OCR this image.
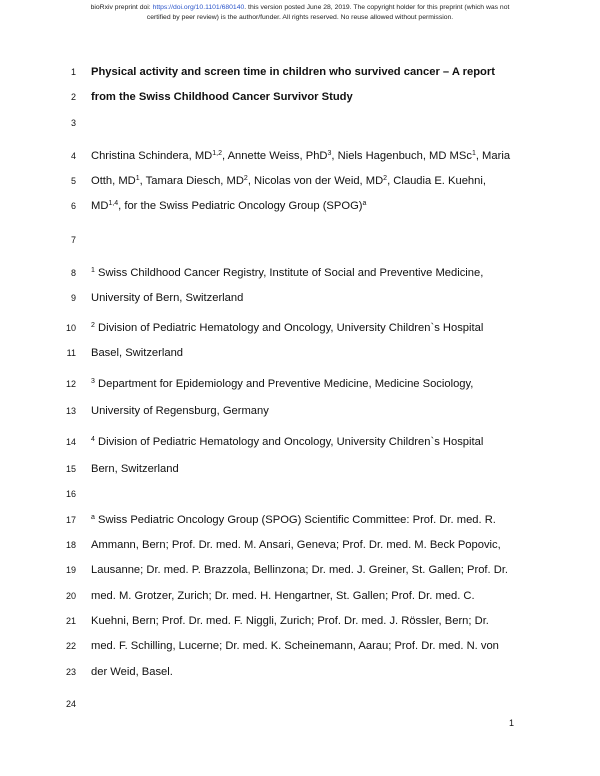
bioRxiv preprint doi: https://doi.org/10.1101/680140. this version posted June 28, 2019. The copyright holder for this preprint (which was not
certified by peer review) is the author/funder. All rights reserved. No reuse allowed without permission.
1 Physical activity and screen time in children who survived cancer – A report
2 from the Swiss Childhood Cancer Survivor Study
3
4 Christina Schindera, MD$^{1,2}$, Annette Weiss, PhD$^3$, Niels Hagenbuch, MD MSc$^1$, Maria
5 Otth, $MD^1$, Tamara Diesch, $MD^2$, Nicolas von der Weid, $MD^2$, Claudia E. Kuehni,
6 MD$^{1,4}$, for the Swiss Pediatric Oncology Group (SPOG)$^a$
7
8 $^1$ Swiss Childhood Cancer Registry, Institute of Social and Preventive Medicine,
9 University of Bern, Switzerland
10 $^2$ Division of Pediatric Hematology and Oncology, University Children`s Hospital
11 Basel, Switzerland
12 $^3$ Department for Epidemiology and Preventive Medicine, Medicine Sociology,
13 University of Regensburg, Germany
14 $^4$ Division of Pediatric Hematology and Oncology, University Children`s Hospital
15 Bern, Switzerland
16
17 $^a$ Swiss Pediatric Oncology Group (SPOG) Scientific Committee: Prof. Dr. med. R.
18 Ammann, Bern; Prof. Dr. med. M. Ansari, Geneva; Prof. Dr. med. M. Beck Popovic,
19 Lausanne; Dr. med. P. Brazzola, Bellinzona; Dr. med. J. Greiner, St. Gallen; Prof. Dr.
20 med. M. Grotzer, Zurich; Dr. med. H. Hengartner, St. Gallen; Prof. Dr. med. C.
21 Kuehni, Bern; Prof. Dr. med. F. Niggli, Zurich; Prof. Dr. med. J. Rössler, Bern; Dr.
22 med. F. Schilling, Lucerne; Dr. med. K. Scheinemann, Aarau; Prof. Dr. med. N. von
23 der Weid, Basel.
24
1
